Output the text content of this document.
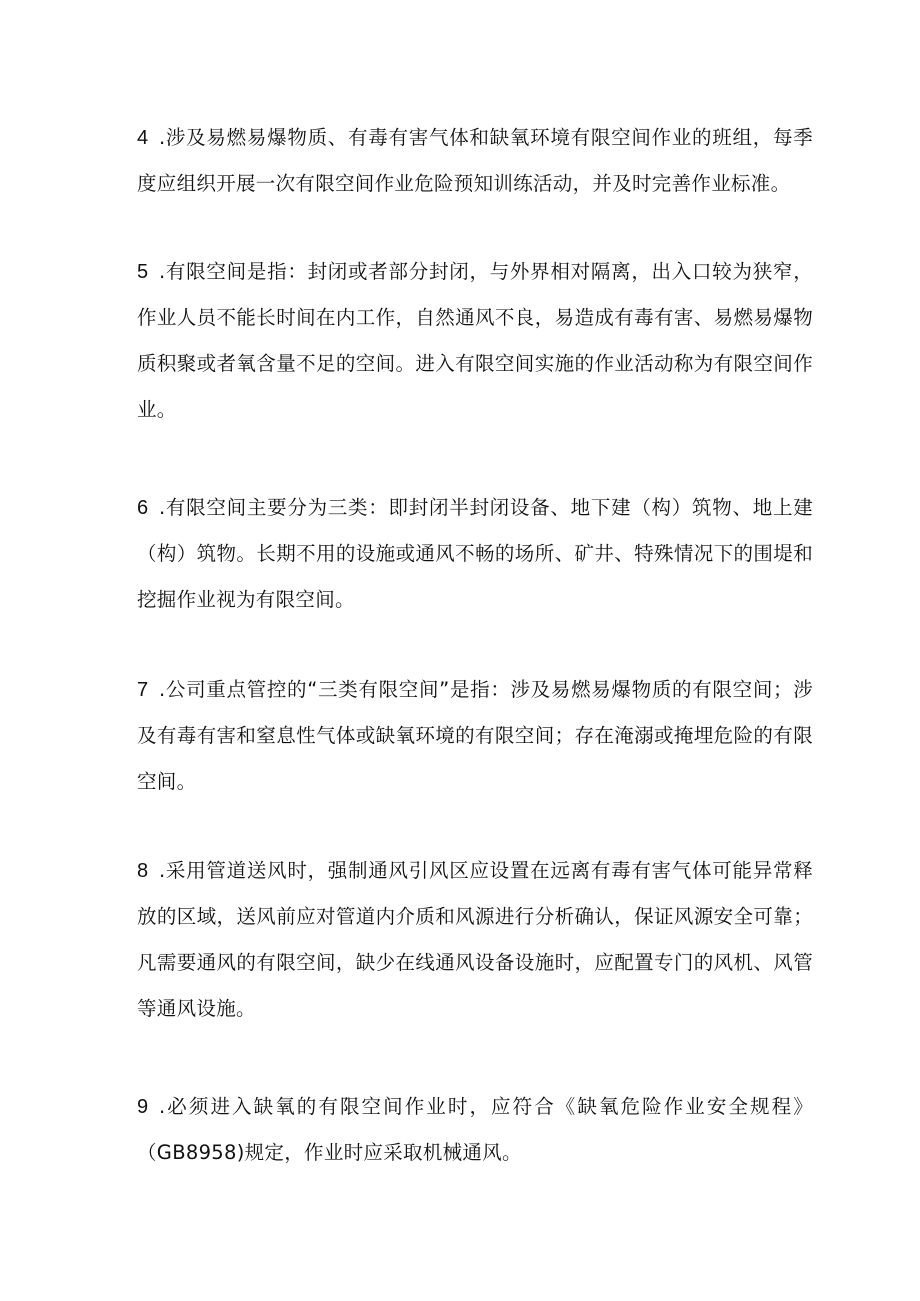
4 .涉及易燃易爆物质、有毒有害气体和缺氧环境有限空间作业的班组，每季度应组织开展一次有限空间作业危险预知训练活动，并及时完善作业标准。

5 .有限空间是指：封闭或者部分封闭，与外界相对隔离，出入口较为狭窄，作业人员不能长时间在内工作，自然通风不良，易造成有毒有害、易燃易爆物质积聚或者氧含量不足的空间。进入有限空间实施的作业活动称为有限空间作业。

6 .有限空间主要分为三类：即封闭半封闭设备、地下建（构）筑物、地上建（构）筑物。长期不用的设施或通风不畅的场所、矿井、特殊情况下的围堤和挖掘作业视为有限空间。

7 .公司重点管控的“三类有限空间”是指：涉及易燃易爆物质的有限空间；涉及有毒有害和窒息性气体或缺氧环境的有限空间；存在淹溺或掩埋危险的有限空间。

8 .采用管道送风时，强制通风引风区应设置在远离有毒有害气体可能异常释放的区域，送风前应对管道内介质和风源进行分析确认，保证风源安全可靠；凡需要通风的有限空间，缺少在线通风设备设施时，应配置专门的风机、风管等通风设施。

9 .必须进入缺氧的有限空间作业时，应符合《缺氧危险作业安全规程》（GB8958)规定，作业时应采取机械通风。
